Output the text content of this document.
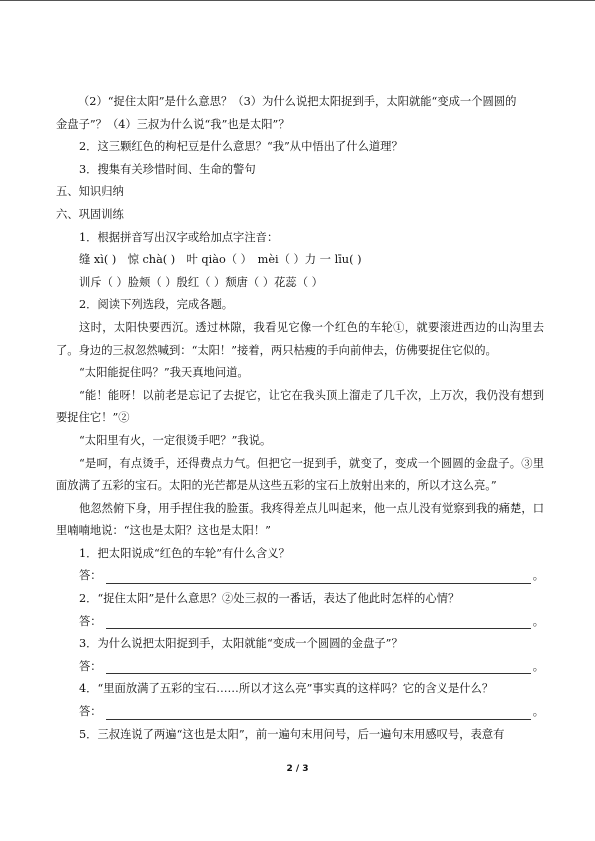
（2）“捉住太阳”是什么意思？（3）为什么说把太阳捉到手，太阳就能“变成一个圆圆的
金盘子”？（4）三叔为什么说“我”也是太阳”？
2．这三颗红色的枸杞豆是什么意思？“我”从中悟出了什么道理？
3．搜集有关珍惜时间、生命的警句
五、知识归纳
六、巩固训练
1．根据拼音写出汉字或给加点字注音：
缝 xì( )　惊 chà( )　叶 qiào（ ）　mèi（ ）力 一 līu( )
训斥（ ）脸颊（ ）殷红（ ）颓唐（ ）花蕊（ ）
2．阅读下列选段，完成各题。
这时，太阳快要西沉。透过林隙，我看见它像一个红色的车轮①，就要滚进西边的山沟里去了。身边的三叔忽然喊到：“太阳！”接着，两只枯瘦的手向前伸去，仿佛要捉住它似的。
“太阳能捉住吗？”我天真地问道。
“能！能呀！以前老是忘记了去捉它，让它在我头顶上溜走了几千次，上万次，我仍没有想到要捉住它！”②
“太阳里有火，一定很烫手吧？”我说。
“是呵，有点烫手，还得费点力气。但把它一捉到手，就变了，变成一个圆圆的金盘子。③里面放满了五彩的宝石。太阳的光芒都是从这些五彩的宝石上放射出来的，所以才这么亮。”
他忽然俯下身，用手捏住我的脸蛋。我疼得差点儿叫起来，他一点儿没有觉察到我的痛楚，口里喃喃地说：“这也是太阳？这也是太阳！”
1．把太阳说成“红色的车轮”有什么含义？
答：	。
2．“捉住太阳”是什么意思？②处三叔的一番话，表达了他此时怎样的心情？
答：	。
3．为什么说把太阳捉到手，太阳就能“变成一个圆圆的金盘子”？
答：	。
4．“里面放满了五彩的宝石……所以才这么亮”事实真的这样吗？它的含义是什么？
答：	。
5．三叔连说了两遍“这也是太阳”，前一遍句末用问号，后一遍句末用感叹号，表意有
2 / 3
